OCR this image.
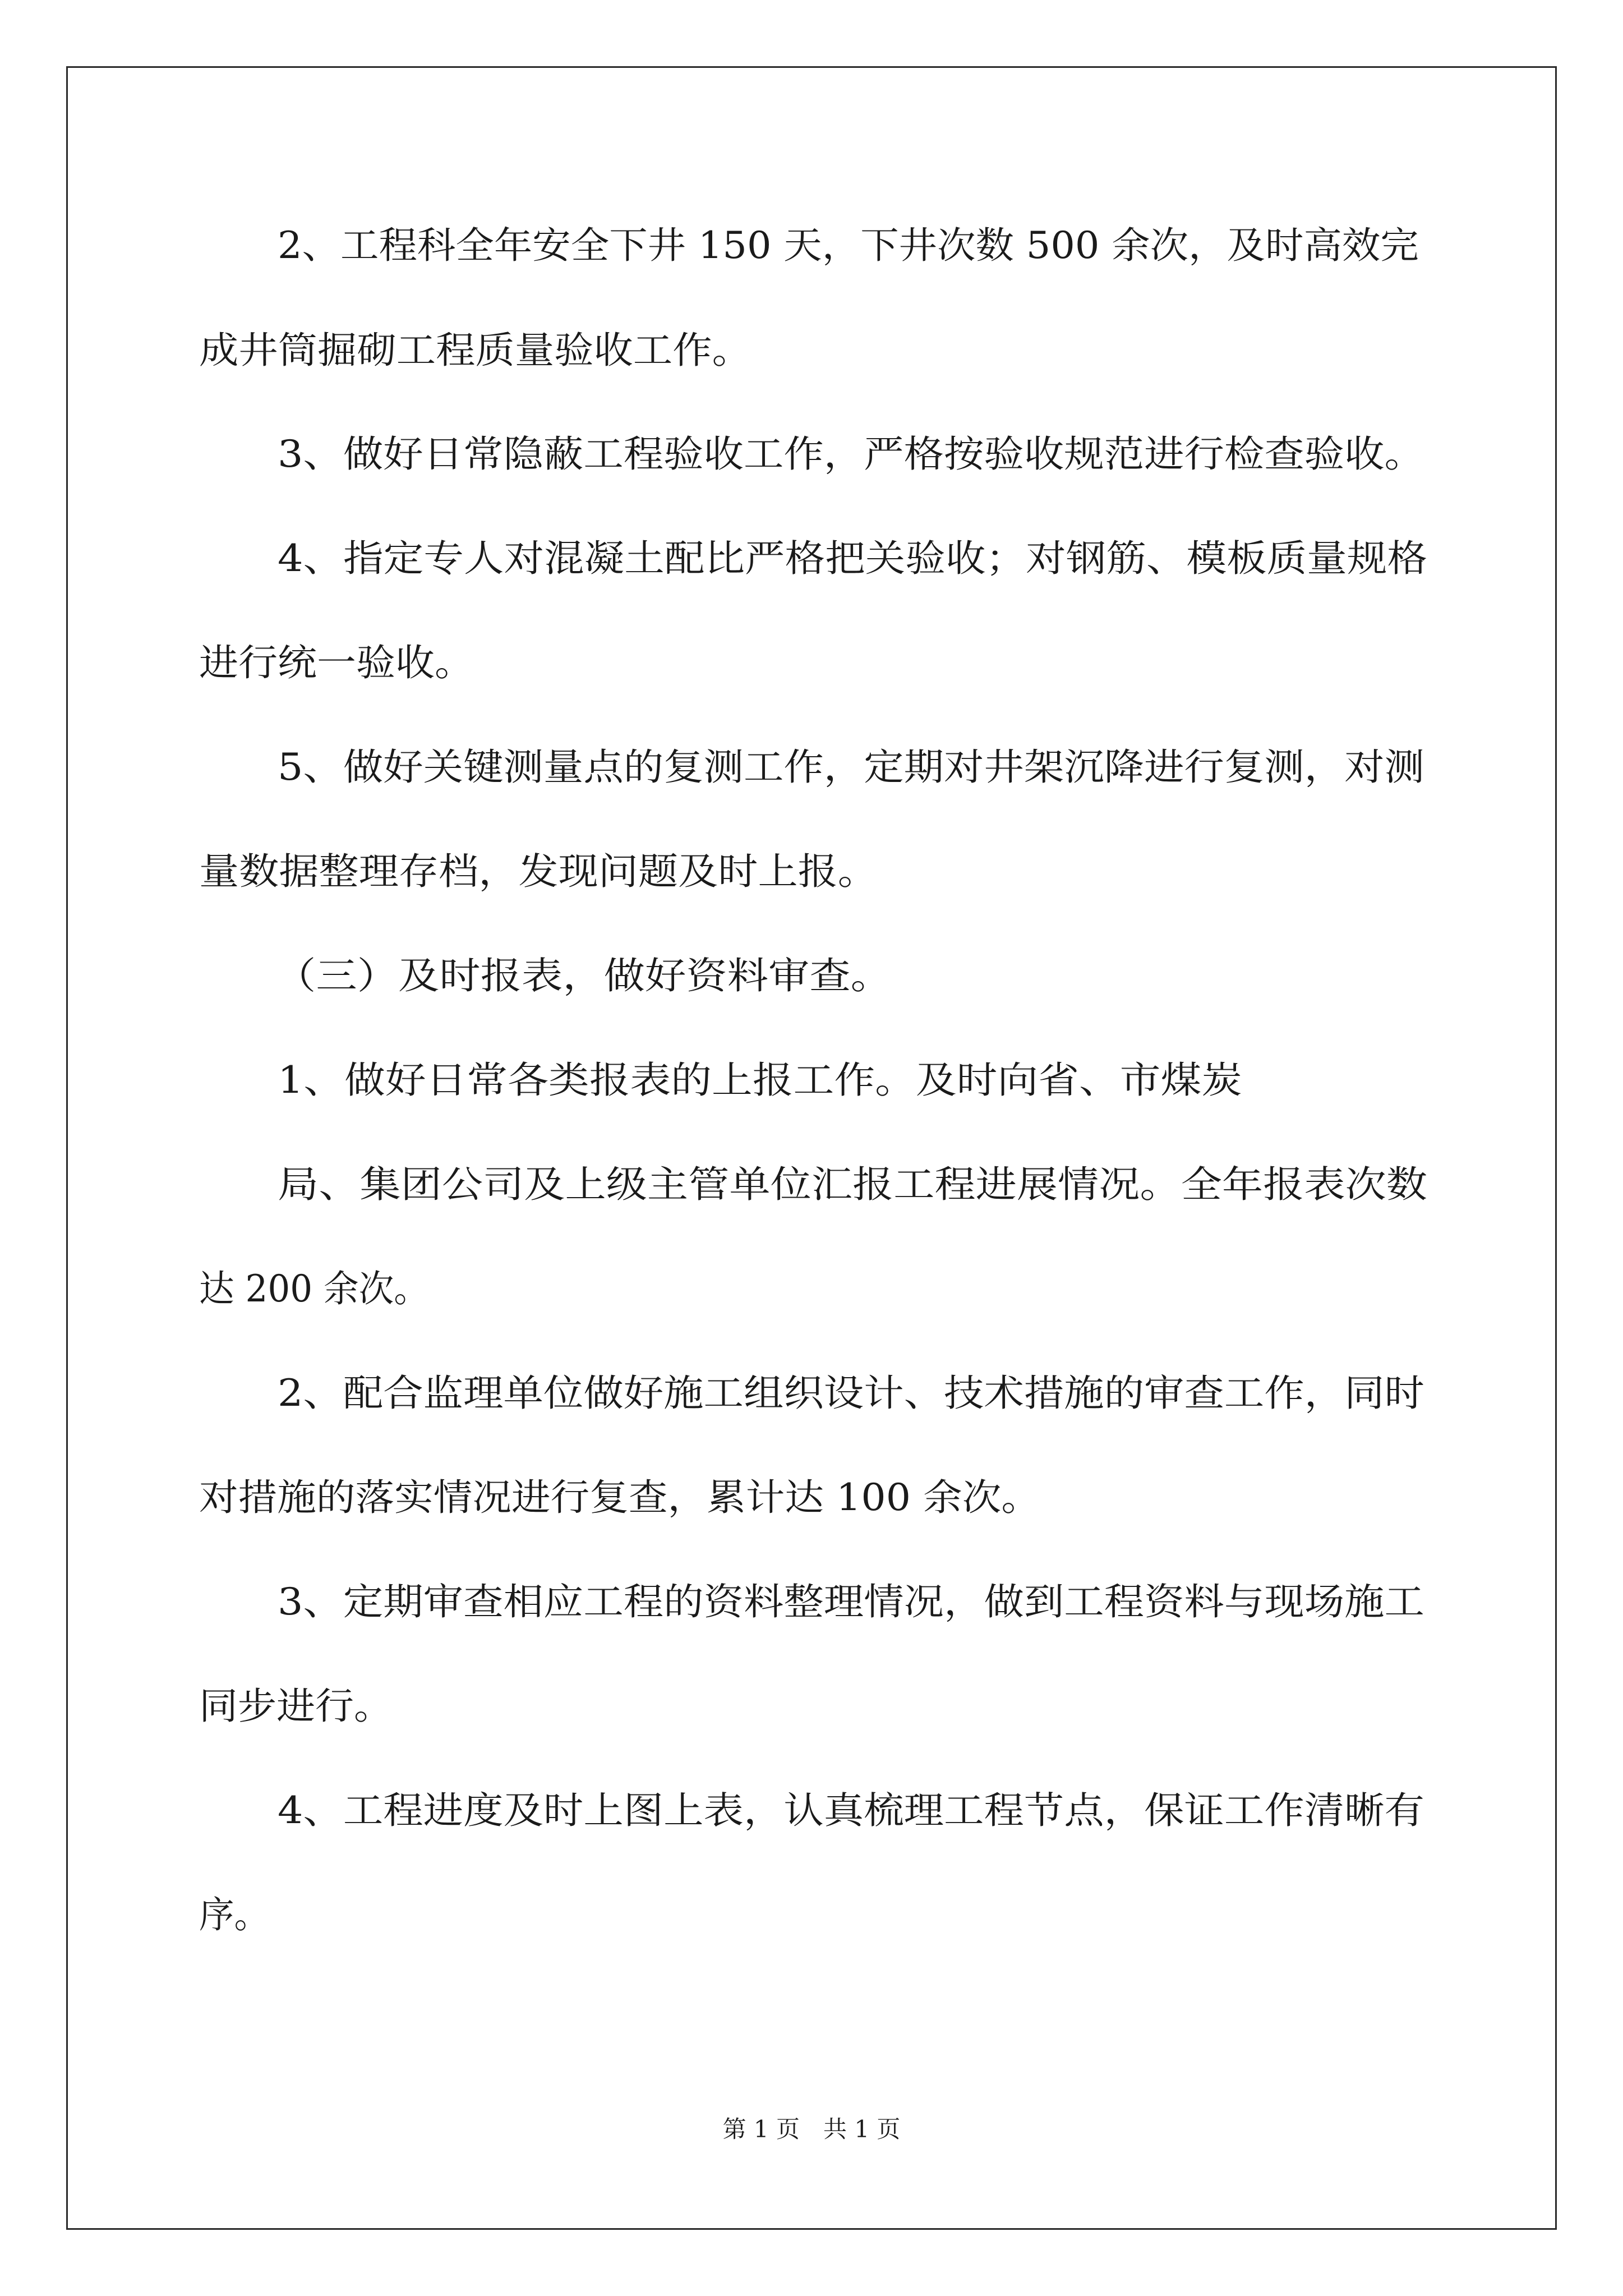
2、工程科全年安全下井 150 天，下井次数 500 余次，及时高效完
成井筒掘砌工程质量验收工作。
3、做好日常隐蔽工程验收工作，严格按验收规范进行检查验收。
4、指定专人对混凝土配比严格把关验收；对钢筋、模板质量规格
进行统一验收。
5、做好关键测量点的复测工作，定期对井架沉降进行复测，对测
量数据整理存档，发现问题及时上报。
（三）及时报表，做好资料审查。
1、做好日常各类报表的上报工作。及时向省、市煤炭
局、集团公司及上级主管单位汇报工程进展情况。全年报表次数
达 200 余次。
2、配合监理单位做好施工组织设计、技术措施的审查工作，同时
对措施的落实情况进行复查，累计达 100 余次。
3、定期审查相应工程的资料整理情况，做到工程资料与现场施工
同步进行。
4、工程进度及时上图上表，认真梳理工程节点，保证工作清晰有
序。
第 1 页　共 1 页
